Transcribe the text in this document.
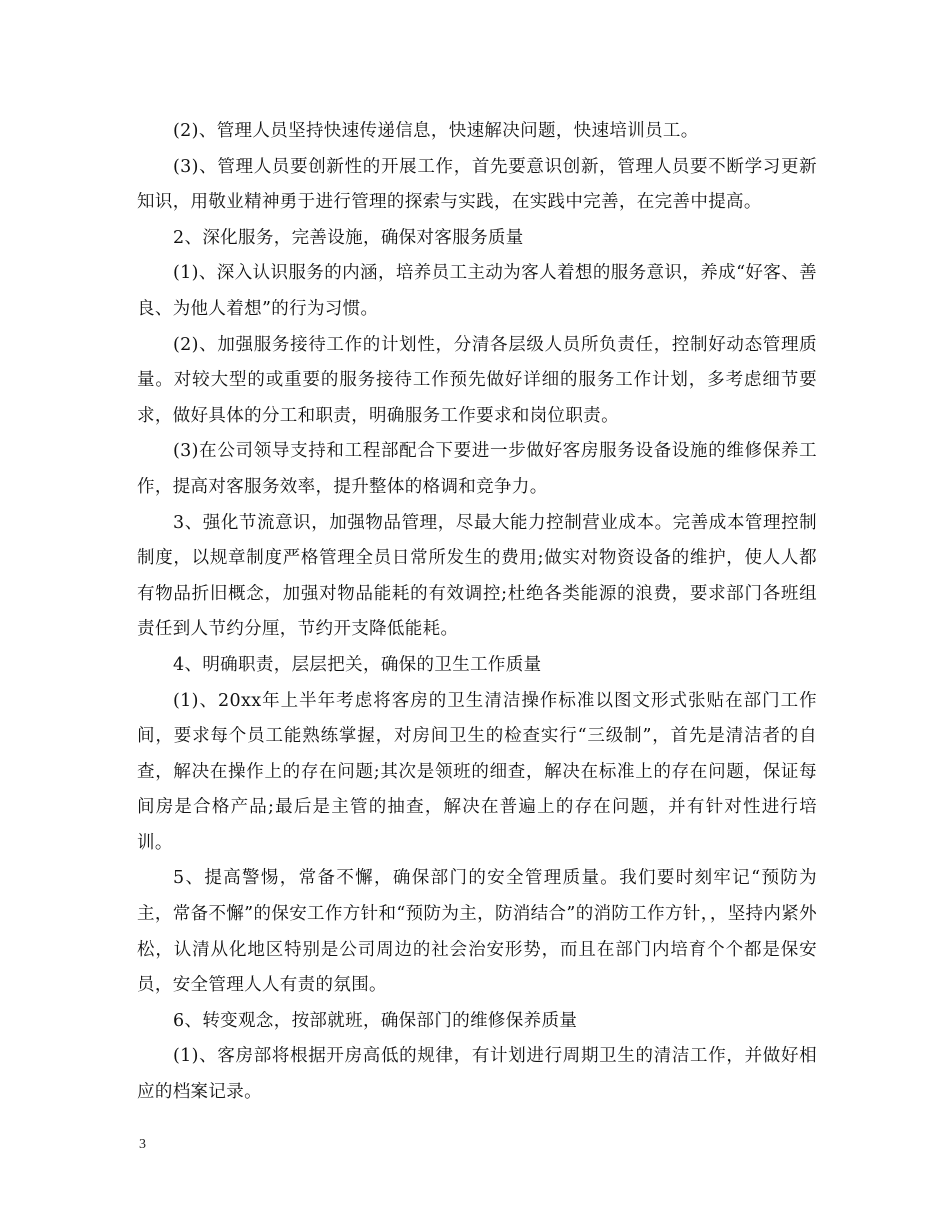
(2)、管理人员坚持快速传递信息，快速解决问题，快速培训员工。

(3)、管理人员要创新性的开展工作，首先要意识创新，管理人员要不断学习更新知识，用敬业精神勇于进行管理的探索与实践，在实践中完善，在完善中提高。

2、深化服务，完善设施，确保对客服务质量

(1)、深入认识服务的内涵，培养员工主动为客人着想的服务意识，养成“好客、善良、为他人着想”的行为习惯。

(2)、加强服务接待工作的计划性，分清各层级人员所负责任，控制好动态管理质量。对较大型的或重要的服务接待工作预先做好详细的服务工作计划，多考虑细节要求，做好具体的分工和职责，明确服务工作要求和岗位职责。

(3)在公司领导支持和工程部配合下要进一步做好客房服务设备设施的维修保养工作，提高对客服务效率，提升整体的格调和竞争力。

3、强化节流意识，加强物品管理，尽最大能力控制营业成本。完善成本管理控制制度，以规章制度严格管理全员日常所发生的费用;做实对物资设备的维护，使人人都有物品折旧概念，加强对物品能耗的有效调控;杜绝各类能源的浪费，要求部门各班组责任到人节约分厘，节约开支降低能耗。

4、明确职责，层层把关，确保的卫生工作质量

(1)、20xx年上半年考虑将客房的卫生清洁操作标准以图文形式张贴在部门工作间，要求每个员工能熟练掌握，对房间卫生的检查实行“三级制”，首先是清洁者的自查，解决在操作上的存在问题;其次是领班的细查，解决在标准上的存在问题，保证每间房是合格产品;最后是主管的抽查，解决在普遍上的存在问题，并有针对性进行培训。

5、提高警惕，常备不懈，确保部门的安全管理质量。我们要时刻牢记“预防为主，常备不懈”的保安工作方针和“预防为主，防消结合”的消防工作方针，，坚持内紧外松，认清从化地区特别是公司周边的社会治安形势，而且在部门内培育个个都是保安员，安全管理人人有责的氛围。

6、转变观念，按部就班，确保部门的维修保养质量

(1)、客房部将根据开房高低的规律，有计划进行周期卫生的清洁工作，并做好相应的档案记录。

3
